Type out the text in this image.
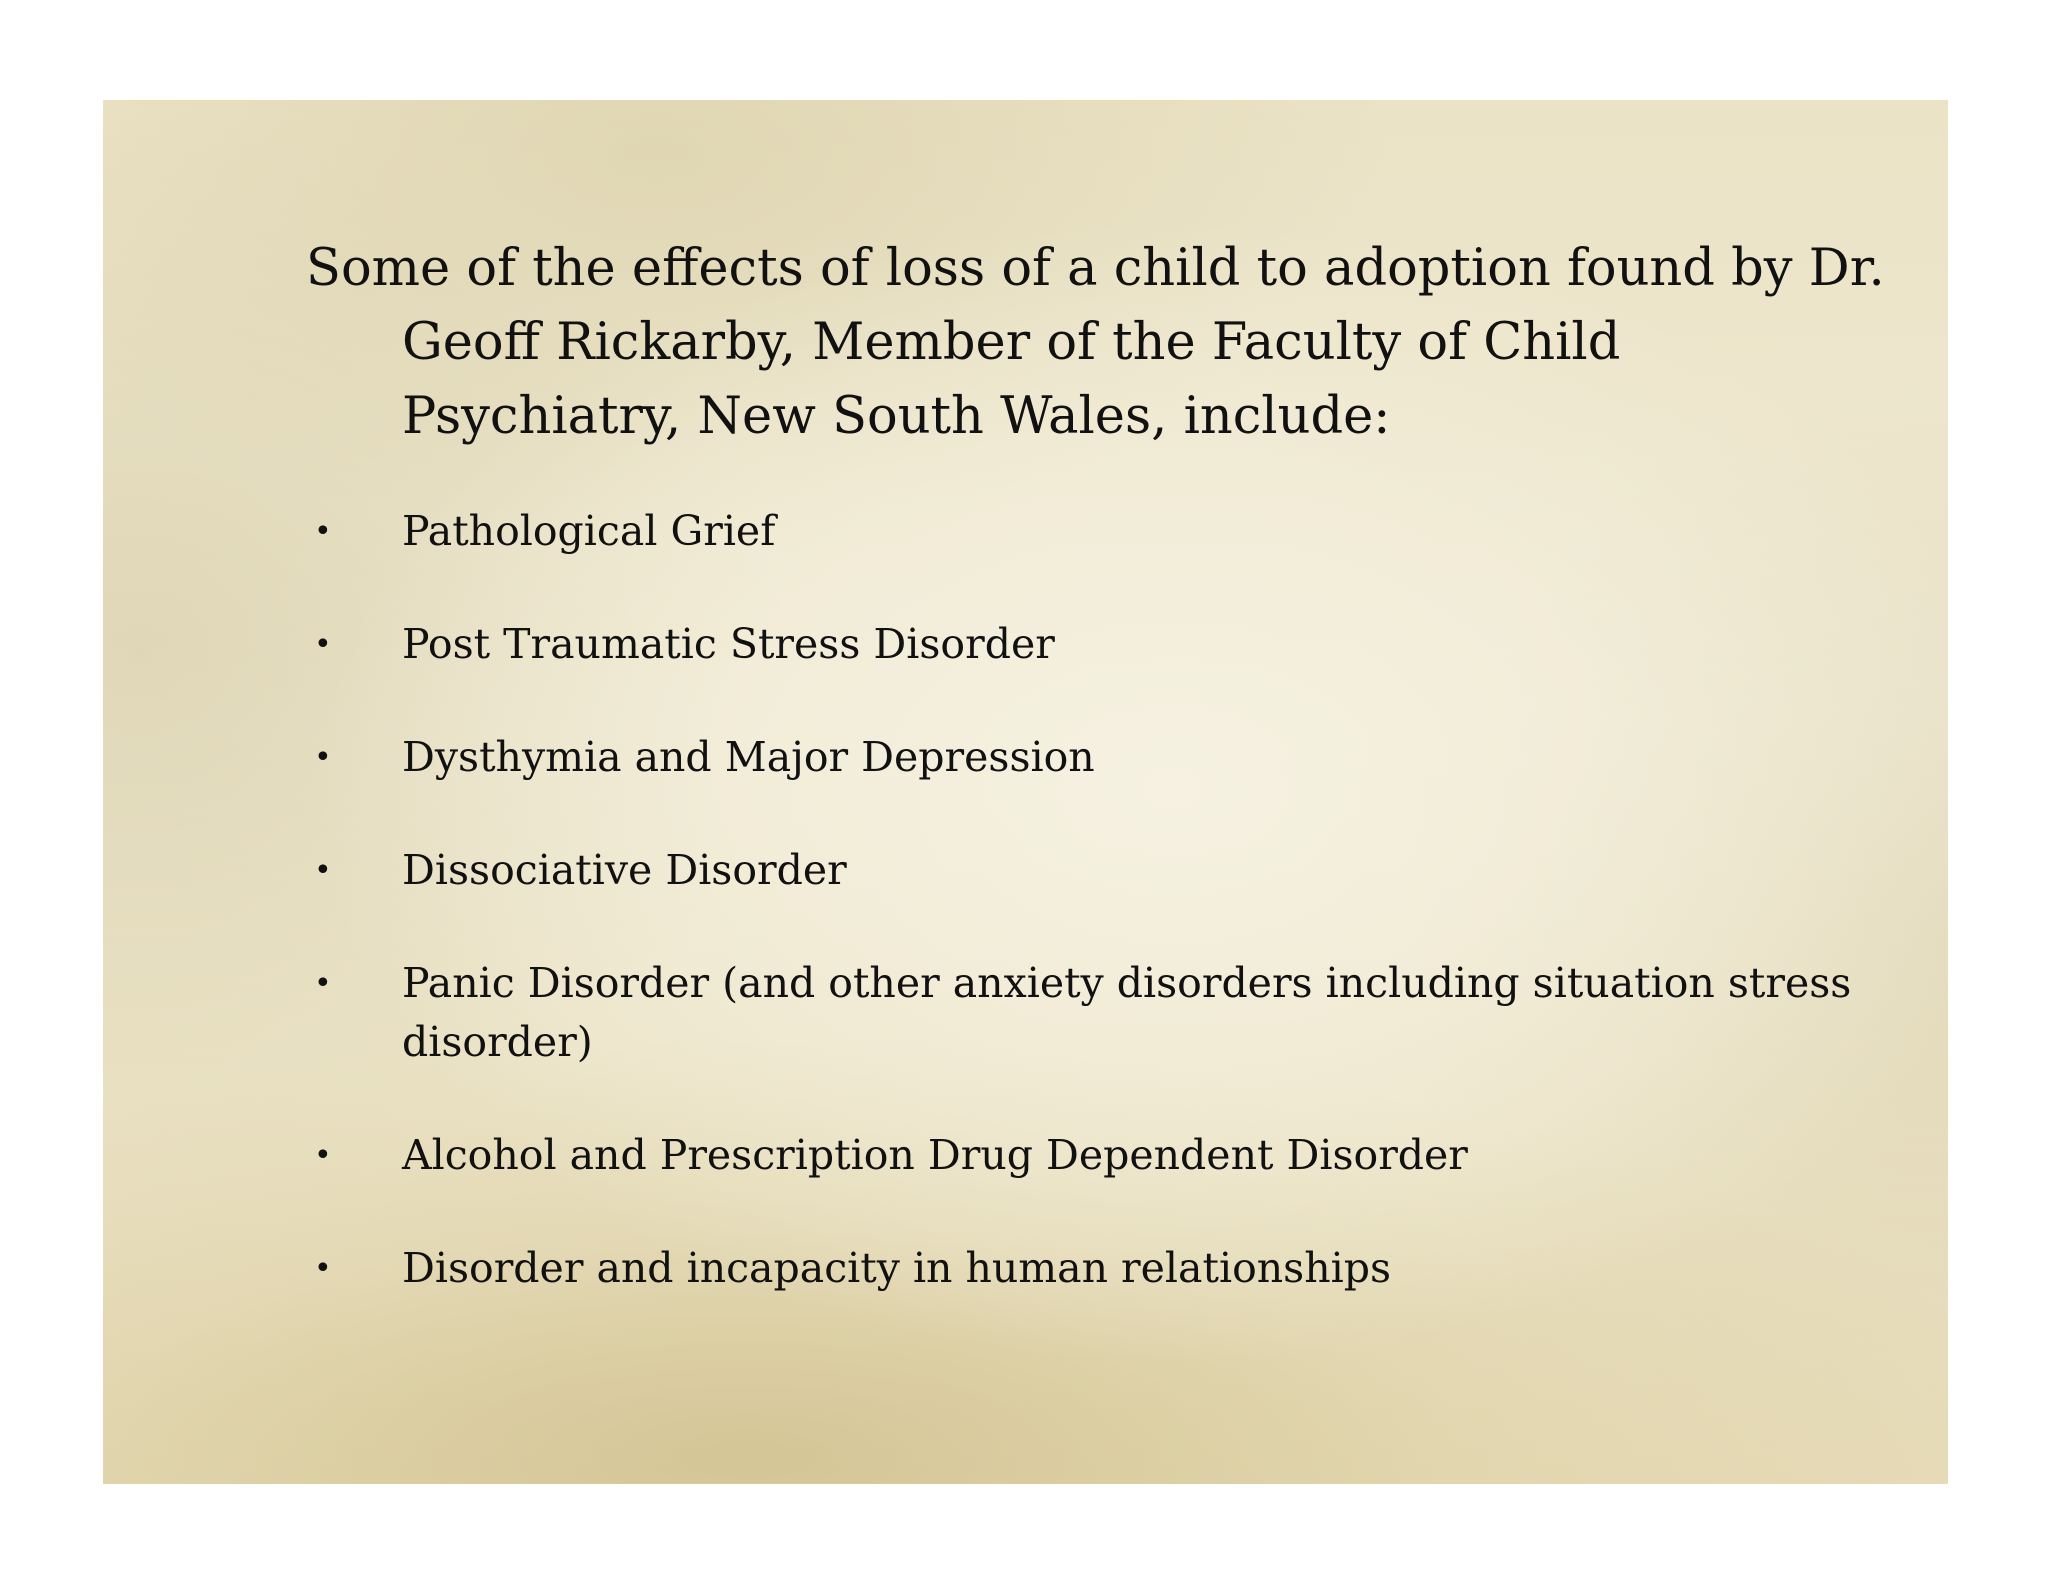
Some of the effects of loss of a child to adoption found by Dr. Geoff Rickarby, Member of the Faculty of Child Psychiatry, New South Wales, include:

• Pathological Grief
• Post Traumatic Stress Disorder
• Dysthymia and Major Depression
• Dissociative Disorder
• Panic Disorder (and other anxiety disorders including situation stress disorder)
• Alcohol and Prescription Drug Dependent Disorder
• Disorder and incapacity in human relationships
